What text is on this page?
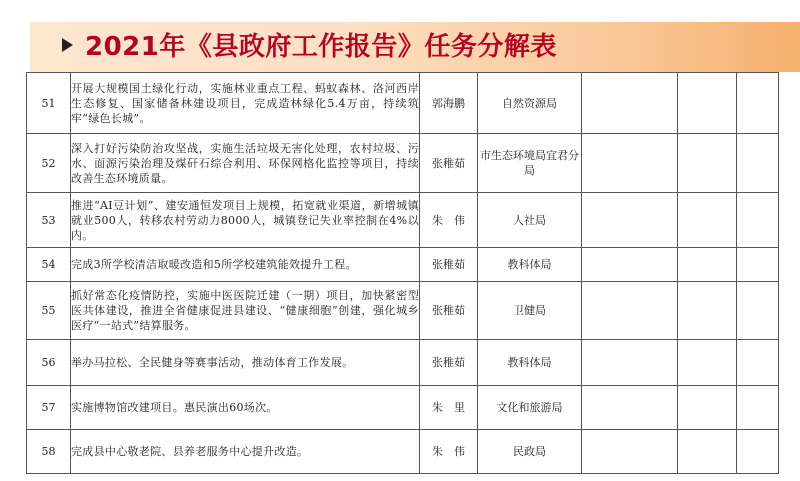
2021年《县政府工作报告》任务分解表
51	开展大规模国土绿化行动，实施林业重点工程、蚂蚁森林、洛河西岸生态修复、国家储备林建设项目，完成造林绿化5.4万亩，持续筑牢“绿色长城”。	郭海鹏	自然资源局			
52	深入打好污染防治攻坚战，实施生活垃圾无害化处理，农村垃圾、污水、面源污染治理及煤矸石综合利用、环保网格化监控等项目，持续改善生态环境质量。	张稚茹	市生态环境局宜君分局			
53	推进“AI豆计划”、建安通恒发项目上规模，拓宽就业渠道，新增城镇就业500人，转移农村劳动力8000人，城镇登记失业率控制在4%以内。	朱　伟	人社局			
54	完成3所学校清洁取暖改造和5所学校建筑能效提升工程。	张稚茹	教科体局			
55	抓好常态化疫情防控，实施中医医院迁建（一期）项目，加快紧密型医共体建设，推进全省健康促进县建设、“健康细胞”创建，强化城乡医疗“一站式”结算服务。	张稚茹	卫健局			
56	举办马拉松、全民健身等赛事活动，推动体育工作发展。	张稚茹	教科体局			
57	实施博物馆改建项目。惠民演出60场次。	朱　里	文化和旅游局			
58	完成县中心敬老院、县养老服务中心提升改造。	朱　伟	民政局			
